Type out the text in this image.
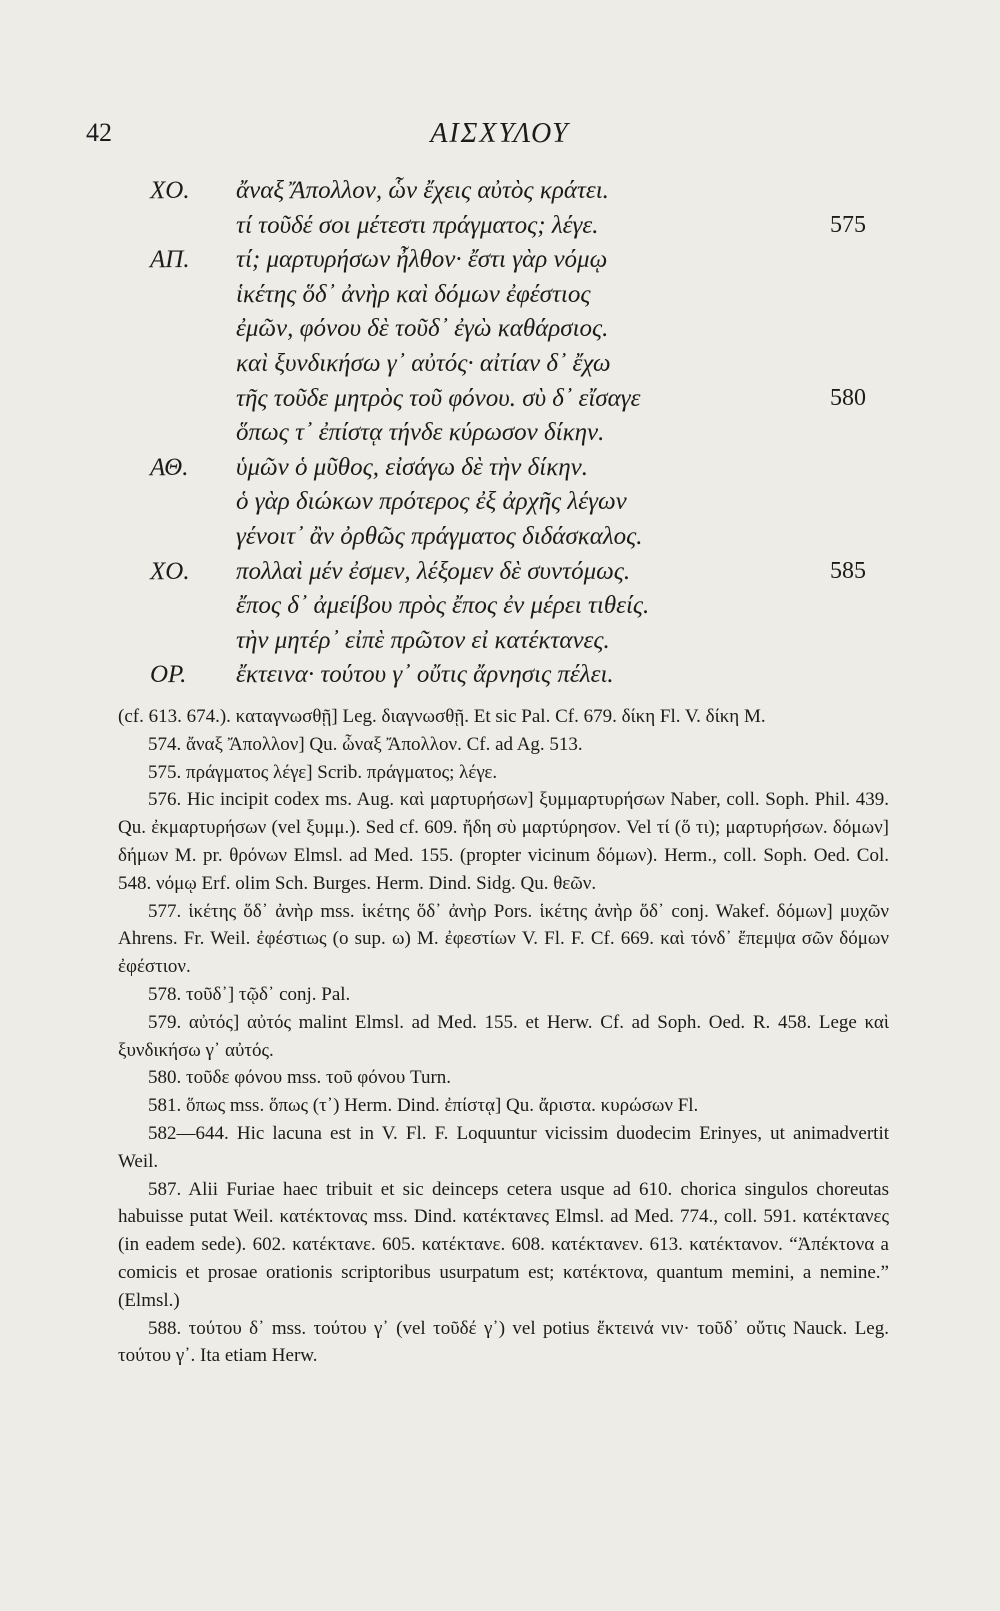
42	ΑΙΣΧΥΛΟΥ
ΧΟ. ἄναξ Ἄπολλον, ὧν ἔχεις αὐτὸς κράτει.
τί τοῦδέ σοι μέτεστι πράγματος; λέγε.	575
ΑΠ. τί; μαρτυρήσων ἦλθον· ἔστι γὰρ νόμῳ
ἱκέτης ὅδ᾽ ἀνὴρ καὶ δόμων ἐφέστιος
ἐμῶν, φόνου δὲ τοῦδ᾽ ἐγὼ καθάρσιος.
καὶ ξυνδικήσω γ᾽ αὐτός· αἰτίαν δ᾽ ἔχω
τῆς τοῦδε μητρὸς τοῦ φόνου. σὺ δ᾽ εἴσαγε	580
ὅπως τ᾽ ἐπίστᾳ τήνδε κύρωσον δίκην.
ΑΘ. ὑμῶν ὁ μῦθος, εἰσάγω δὲ τὴν δίκην.
ὁ γὰρ διώκων πρότερος ἐξ ἀρχῆς λέγων
γένοιτ᾽ ἂν ὀρθῶς πράγματος διδάσκαλος.
ΧΟ. πολλαὶ μέν ἐσμεν, λέξομεν δὲ συντόμως.	585
ἔπος δ᾽ ἀμείβου πρὸς ἔπος ἐν μέρει τιθείς.
τὴν μητέρ᾽ εἰπὲ πρῶτον εἰ κατέκτανες.
ΟΡ. ἔκτεινα· τούτου γ᾽ οὔτις ἄρνησις πέλει.

(cf. 613. 674.). καταγνωσθῇ] Leg. διαγνωσθῇ. Et sic Pal. Cf. 679. δίκη Fl. V. δίκη M.

574. ἄναξ Ἄπολλον] Qu. ὦναξ Ἄπολλον. Cf. ad Ag. 513.

575. πράγματος λέγε] Scrib. πράγματος; λέγε.

576. Hic incipit codex ms. Aug. καὶ μαρτυρήσων] ξυμμαρτυρήσων Naber, coll. Soph. Phil. 439. Qu. ἐκμαρτυρήσων (vel ξυμμ.). Sed cf. 609. ἤδη σὺ μαρτύρησον. Vel τί (ὅ τι); μαρτυρήσων. δόμων] δήμων M. pr. θρόνων Elmsl. ad Med. 155. (propter vicinum δόμων). Herm., coll. Soph. Oed. Col. 548. νόμῳ Erf. olim Sch. Burges. Herm. Dind. Sidg. Qu. θεῶν.

577. ἱκέτης ὅδ᾽ ἀνὴρ mss. ἱκέτης ὅδ᾽ ἀνὴρ Pors. ἱκέτης ἀνὴρ ὅδ᾽ conj. Wakef. δόμων] μυχῶν Ahrens. Fr. Weil. ἐφέστιως (ο sup. ω) M. ἐφεστίων V. Fl. F. Cf. 669. καὶ τόνδ᾽ ἔπεμψα σῶν δόμων ἐφέστιον.

578. τοῦδ᾽] τῷδ᾽ conj. Pal.

579. αὐτός] αὐτός malint Elmsl. ad Med. 155. et Herw. Cf. ad Soph. Oed. R. 458. Lege καὶ ξυνδικήσω γ᾽ αὐτός.

580. τοῦδε φόνου mss. τοῦ φόνου Turn.

581. ὅπως mss. ὅπως (τ᾽) Herm. Dind. ἐπίστᾳ] Qu. ἄριστα. κυρώσων Fl.

582—644. Hic lacuna est in V. Fl. F. Loquuntur vicissim duodecim Erinyes, ut animadvertit Weil.

587. Alii Furiae haec tribuit et sic deinceps cetera usque ad 610. chorica singulos choreutas habuisse putat Weil. κατέκτονας mss. Dind. κατέκτανες Elmsl. ad Med. 774., coll. 591. κατέκτανες (in eadem sede). 602. κατέκτανε. 605. κατέκτανε. 608. κατέκτανεν. 613. κατέκτανον. “Ἀπέκτονα a comicis et prosae orationis scriptoribus usurpatum est; κατέκτονα, quantum memini, a nemine.” (Elmsl.)

588. τούτου δ᾽ mss. τούτου γ᾽ (vel τοῦδέ γ᾽) vel potius ἔκτεινά νιν· τοῦδ᾽ οὔτις Nauck. Leg. τούτου γ᾽. Ita etiam Herw.
